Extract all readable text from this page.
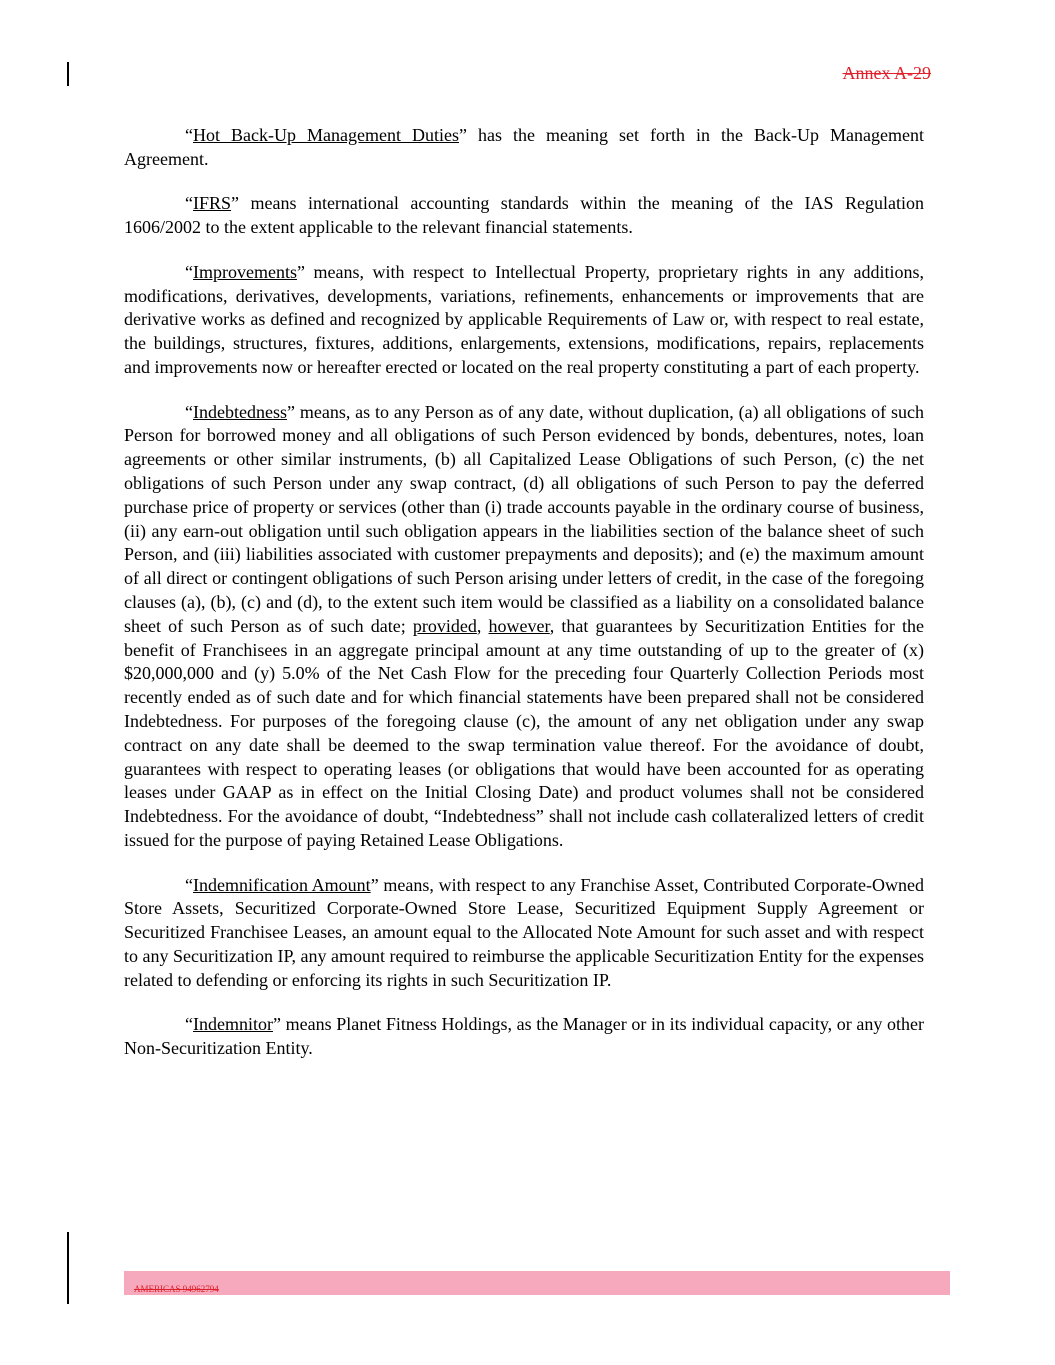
Annex A-29

“Hot Back-Up Management Duties” has the meaning set forth in the Back-Up Management Agreement.

“IFRS” means international accounting standards within the meaning of the IAS Regulation 1606/2002 to the extent applicable to the relevant financial statements.

“Improvements” means, with respect to Intellectual Property, proprietary rights in any additions, modifications, derivatives, developments, variations, refinements, enhancements or improvements that are derivative works as defined and recognized by applicable Requirements of Law or, with respect to real estate, the buildings, structures, fixtures, additions, enlargements, extensions, modifications, repairs, replacements and improvements now or hereafter erected or located on the real property constituting a part of each property.

“Indebtedness” means, as to any Person as of any date, without duplication, (a) all obligations of such Person for borrowed money and all obligations of such Person evidenced by bonds, debentures, notes, loan agreements or other similar instruments, (b) all Capitalized Lease Obligations of such Person, (c) the net obligations of such Person under any swap contract, (d) all obligations of such Person to pay the deferred purchase price of property or services (other than (i) trade accounts payable in the ordinary course of business, (ii) any earn-out obligation until such obligation appears in the liabilities section of the balance sheet of such Person, and (iii) liabilities associated with customer prepayments and deposits); and (e) the maximum amount of all direct or contingent obligations of such Person arising under letters of credit, in the case of the foregoing clauses (a), (b), (c) and (d), to the extent such item would be classified as a liability on a consolidated balance sheet of such Person as of such date; provided, however, that guarantees by Securitization Entities for the benefit of Franchisees in an aggregate principal amount at any time outstanding of up to the greater of (x) $20,000,000 and (y) 5.0% of the Net Cash Flow for the preceding four Quarterly Collection Periods most recently ended as of such date and for which financial statements have been prepared shall not be considered Indebtedness. For purposes of the foregoing clause (c), the amount of any net obligation under any swap contract on any date shall be deemed to the swap termination value thereof. For the avoidance of doubt, guarantees with respect to operating leases (or obligations that would have been accounted for as operating leases under GAAP as in effect on the Initial Closing Date) and product volumes shall not be considered Indebtedness. For the avoidance of doubt, “Indebtedness” shall not include cash collateralized letters of credit issued for the purpose of paying Retained Lease Obligations.

“Indemnification Amount” means, with respect to any Franchise Asset, Contributed Corporate-Owned Store Assets, Securitized Corporate-Owned Store Lease, Securitized Equipment Supply Agreement or Securitized Franchisee Leases, an amount equal to the Allocated Note Amount for such asset and with respect to any Securitization IP, any amount required to reimburse the applicable Securitization Entity for the expenses related to defending or enforcing its rights in such Securitization IP.

“Indemnitor” means Planet Fitness Holdings, as the Manager or in its individual capacity, or any other Non-Securitization Entity.

AMERICAS 94962794
